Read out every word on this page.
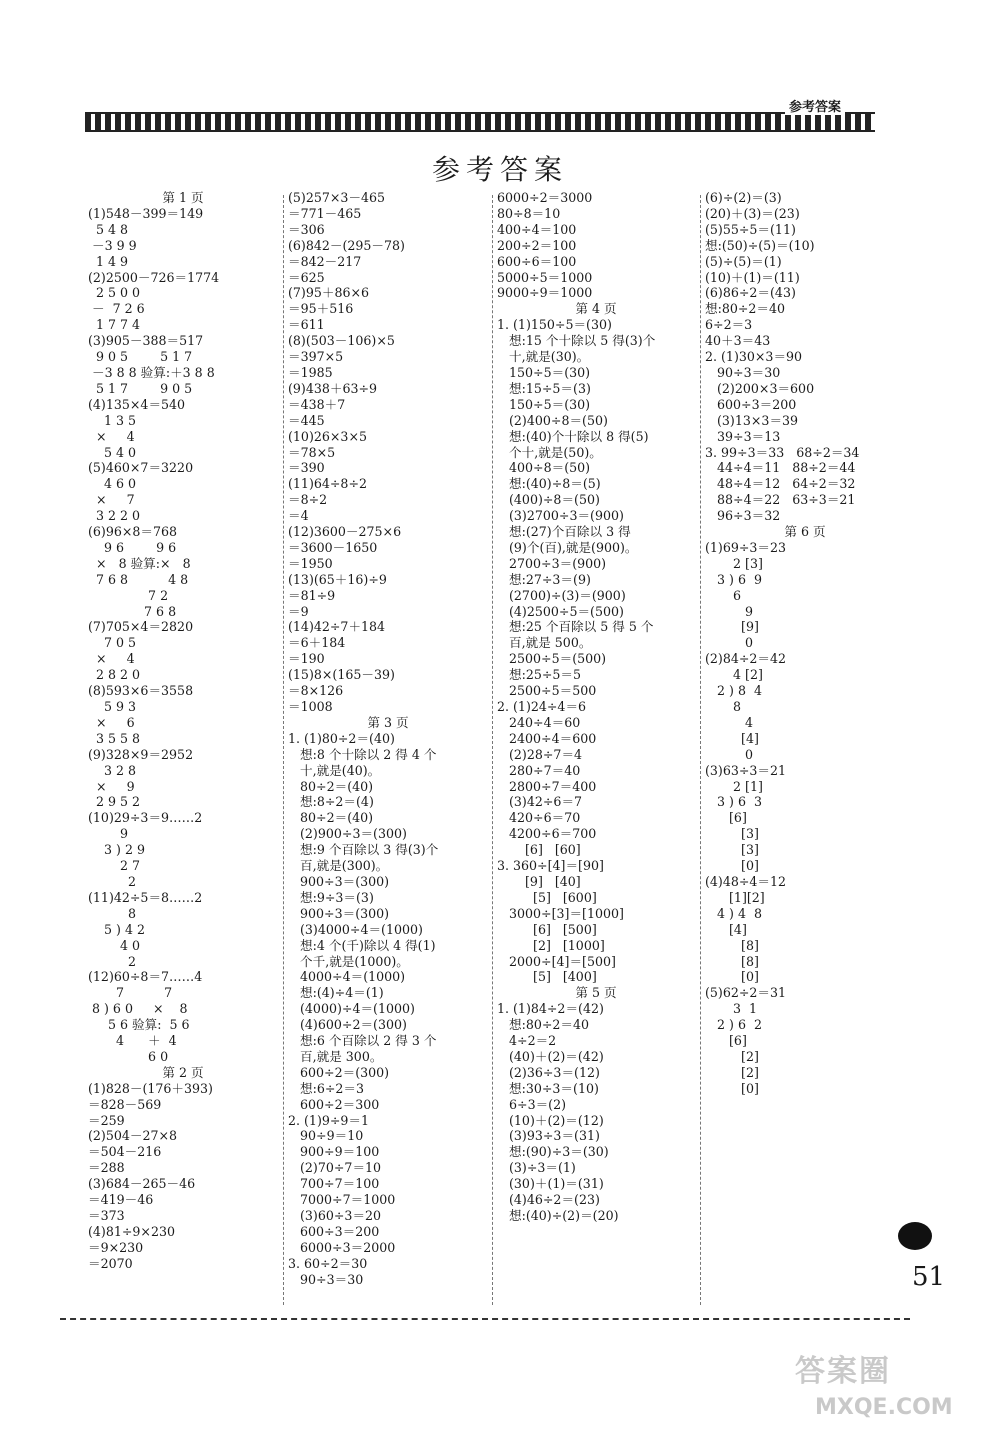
参考答案
参考答案
第 1 页
(1)548－399＝149
5 4 8
－3 9 9
1 4 9
(2)2500－726＝1774
2 5 0 0
－  7 2 6
1 7 7 4
(3)905－388＝517
9 0 5        5 1 7
－3 8 8 验算:＋3 8 8
5 1 7        9 0 5
(4)135×4＝540
1 3 5
×     4
5 4 0
(5)460×7＝3220
4 6 0
×     7
3 2 2 0
(6)96×8＝768
9 6        9 6
×   8 验算:×   8
7 6 8          4 8
7 2
7 6 8
(7)705×4＝2820
7 0 5
×     4
2 8 2 0
(8)593×6＝3558
5 9 3
×     6
3 5 5 8
(9)328×9＝2952
3 2 8
×     9
2 9 5 2
(10)29÷3＝9……2
9
3 ) 2 9
2 7
2
(11)42÷5＝8……2
8
5 ) 4 2
4 0
2
(12)60÷8＝7……4
7          7
8 ) 6 0     ×    8
5 6 验算:  5 6
4      ＋  4
6 0
第 2 页
(1)828－(176＋393)
＝828－569
＝259
(2)504－27×8
＝504－216
＝288
(3)684－265－46
＝419－46
＝373
(4)81÷9×230
＝9×230
＝2070
(5)257×3－465
＝771－465
＝306
(6)842－(295－78)
＝842－217
＝625
(7)95＋86×6
＝95＋516
＝611
(8)(503－106)×5
＝397×5
＝1985
(9)438＋63÷9
＝438＋7
＝445
(10)26×3×5
＝78×5
＝390
(11)64÷8÷2
＝8÷2
＝4
(12)3600－275×6
＝3600－1650
＝1950
(13)(65＋16)÷9
＝81÷9
＝9
(14)42÷7＋184
＝6＋184
＝190
(15)8×(165－39)
＝8×126
＝1008
第 3 页
1. (1)80÷2＝(40)
想:8 个十除以 2 得 4 个
十,就是(40)。
80÷2＝(40)
想:8÷2＝(4)
80÷2＝(40)
(2)900÷3＝(300)
想:9 个百除以 3 得(3)个
百,就是(300)。
900÷3＝(300)
想:9÷3＝(3)
900÷3＝(300)
(3)4000÷4＝(1000)
想:4 个(千)除以 4 得(1)
个千,就是(1000)。
4000÷4＝(1000)
想:(4)÷4＝(1)
(4000)÷4＝(1000)
(4)600÷2＝(300)
想:6 个百除以 2 得 3 个
百,就是 300。
600÷2＝(300)
想:6÷2＝3
600÷2＝300
2. (1)9÷9＝1
90÷9＝10
900÷9＝100
(2)70÷7＝10
700÷7＝100
7000÷7＝1000
(3)60÷3＝20
600÷3＝200
6000÷3＝2000
3. 60÷2＝30
90÷3＝30
6000÷2＝3000
80÷8＝10
400÷4＝100
200÷2＝100
600÷6＝100
5000÷5＝1000
9000÷9＝1000
第 4 页
1. (1)150÷5＝(30)
想:15 个十除以 5 得(3)个
十,就是(30)。
150÷5＝(30)
想:15÷5＝(3)
150÷5＝(30)
(2)400÷8＝(50)
想:(40)个十除以 8 得(5)
个十,就是(50)。
400÷8＝(50)
想:(40)÷8＝(5)
(400)÷8＝(50)
(3)2700÷3＝(900)
想:(27)个百除以 3 得
(9)个(百),就是(900)。
2700÷3＝(900)
想:27÷3＝(9)
(2700)÷(3)＝(900)
(4)2500÷5＝(500)
想:25 个百除以 5 得 5 个
百,就是 500。
2500÷5＝(500)
想:25÷5＝5
2500÷5＝500
2. (1)24÷4＝6
240÷4＝60
2400÷4＝600
(2)28÷7＝4
280÷7＝40
2800÷7＝400
(3)42÷6＝7
420÷6＝70
4200÷6＝700
[6]   [60]
3. 360÷[4]＝[90]
[9]   [40]
[5]   [600]
3000÷[3]＝[1000]
[6]   [500]
[2]   [1000]
2000÷[4]＝[500]
[5]   [400]
第 5 页
1. (1)84÷2＝(42)
想:80÷2＝40
4÷2＝2
(40)＋(2)＝(42)
(2)36÷3＝(12)
想:30÷3＝(10)
6÷3＝(2)
(10)＋(2)＝(12)
(3)93÷3＝(31)
想:(90)÷3＝(30)
(3)÷3＝(1)
(30)＋(1)＝(31)
(4)46÷2＝(23)
想:(40)÷(2)＝(20)
(6)÷(2)＝(3)
(20)＋(3)＝(23)
(5)55÷5＝(11)
想:(50)÷(5)＝(10)
(5)÷(5)＝(1)
(10)＋(1)＝(11)
(6)86÷2＝(43)
想:80÷2＝40
6÷2＝3
40＋3＝43
2. (1)30×3＝90
90÷3＝30
(2)200×3＝600
600÷3＝200
(3)13×3＝39
39÷3＝13
3. 99÷3＝33   68÷2＝34
44÷4＝11   88÷2＝44
48÷4＝12   64÷2＝32
88÷4＝22   63÷3＝21
96÷3＝32
第 6 页
(1)69÷3＝23
2 [3]
3 ) 6  9
6
9
[9]
0
(2)84÷2＝42
4 [2]
2 ) 8  4
8
4
[4]
0
(3)63÷3＝21
2 [1]
3 ) 6  3
[6]
[3]
[3]
[0]
(4)48÷4＝12
[1][2]
4 ) 4  8
[4]
[8]
[8]
[0]
(5)62÷2＝31
3  1
2 ) 6  2
[6]
[2]
[2]
[0]
51
答案圈
MXQE.COM
